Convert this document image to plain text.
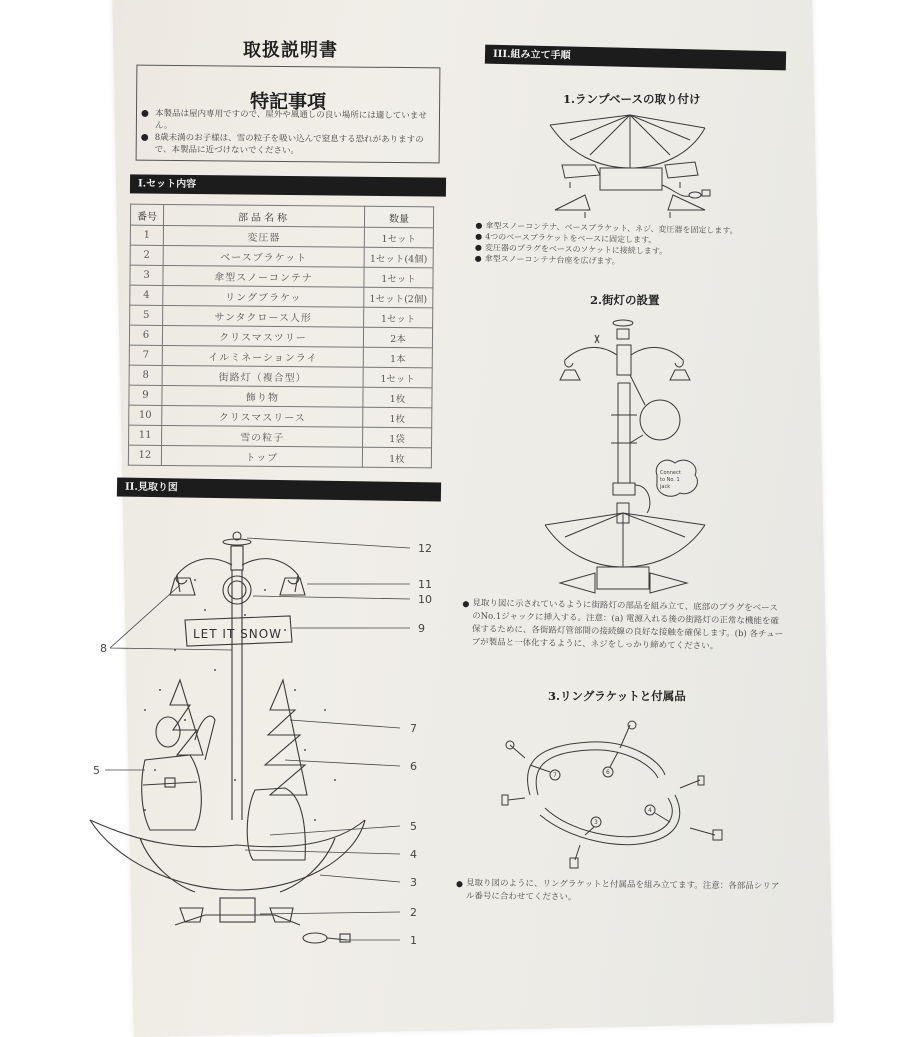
取扱説明書
特記事項
● 本製品は屋内専用ですので、屋外や風通しの良い場所には適していません。
● 8歳未満のお子様は、雪の粒子を吸い込んで窒息する恐れがありますので、本製品に近づけないでください。
I.セット内容
番号	部品名称	数量
1	変圧器	1セット
2	ベースブラケット	1セット(4個)
3	傘型スノーコンテナ	1セット
4	リングブラケッ	1セット(2個)
5	サンタクロース人形	1セット
6	クリスマスツリー	2本
7	イルミネーションライ	1本
8	街路灯（複合型）	1セット
9	飾り物	1枚
10	クリスマスリース	1枚
11	雪の粒子	1袋
12	トップ	1枚
II.見取り図
LET IT SNOW
12
11
10
9
8
7
6
5
5
4
3
2
1
III.組み立て手順
1.ランプベースの取り付け
● 傘型スノーコンテナ、ベースブラケット、ネジ、変圧器を固定します。
● 4つのベースブラケットをベースに固定します。
● 変圧器のプラグをベースのソケットに接続します。
● 傘型スノーコンテナ台座を広げます。
2.街灯の設置
Connect
to No. 1
jack
● 見取り図に示されているように街路灯の部品を組み立て、底部のプラグをベースのNo.1ジャックに挿入する。注意：(a) 電源入れる後の街路灯の正常な機能を確保するために、各街路灯管部間の接続線の良好な接触を確保します。(b) 各チューブが製品と一体化するように、ネジをしっかり締めてください。
3.リングラケットと付属品
7	6
3
4
● 見取り図のように、リングラケットと付属品を組み立てます。注意：各部品シリアル番号に合わせてください。
